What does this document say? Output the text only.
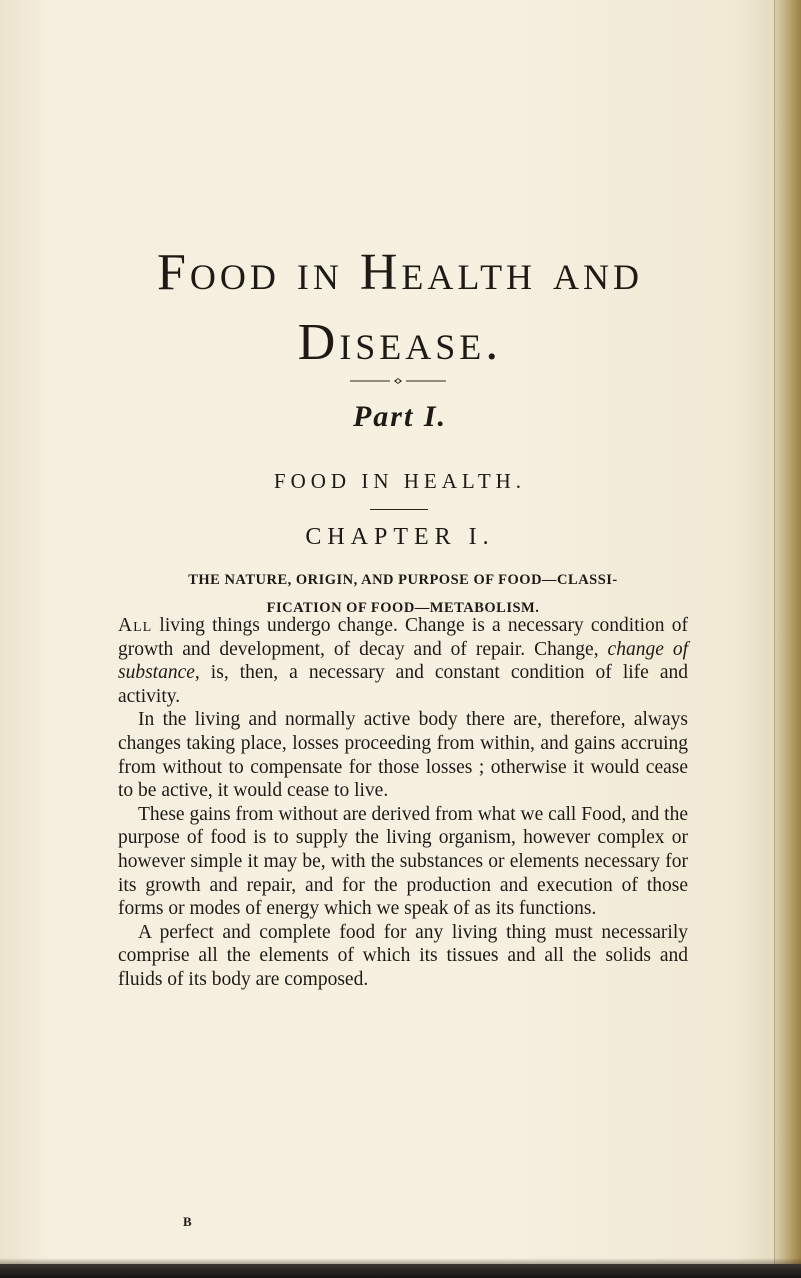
Food in Health and
Disease.
Part I.
FOOD IN HEALTH.
CHAPTER I.
THE NATURE, ORIGIN, AND PURPOSE OF FOOD—CLASSI-
FICATION OF FOOD—METABOLISM.

All living things undergo change. Change is a necessary condition of growth and development, of decay and of repair. Change, change of substance, is, then, a necessary and constant condition of life and activity.

In the living and normally active body there are, therefore, always changes taking place, losses proceeding from within, and gains accruing from without to compensate for those losses ; otherwise it would cease to be active, it would cease to live.

These gains from without are derived from what we call Food, and the purpose of food is to supply the living organism, however complex or however simple it may be, with the substances or elements necessary for its growth and repair, and for the production and execution of those forms or modes of energy which we speak of as its functions.

A perfect and complete food for any living thing must necessarily comprise all the elements of which its tissues and all the solids and fluids of its body are composed.

B
